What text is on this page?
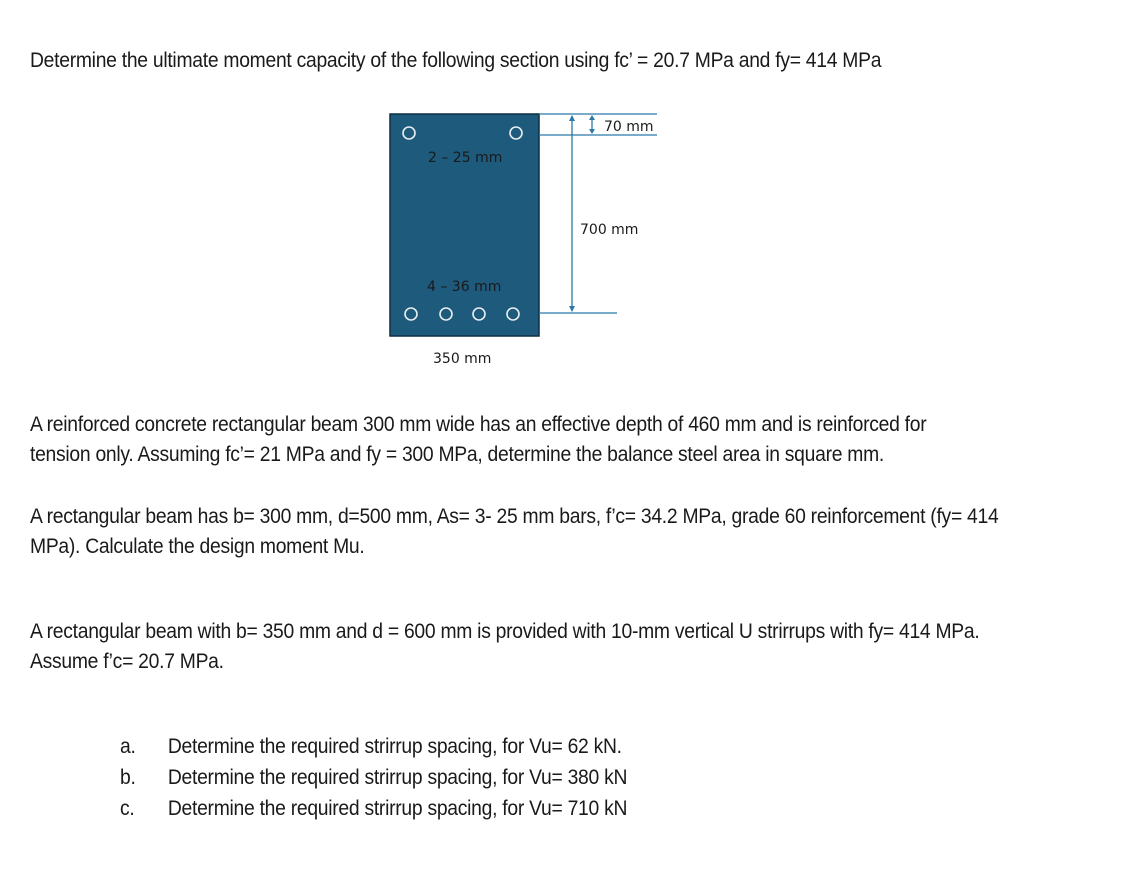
Determine the ultimate moment capacity of the following section using fc’ = 20.7 MPa and fy= 414 MPa
2 – 25 mm
4 – 36 mm
350 mm
70 mm
700 mm
A reinforced concrete rectangular beam 300 mm wide has an effective depth of 460 mm and is reinforced for
tension only. Assuming fc’= 21 MPa and fy = 300 MPa, determine the balance steel area in square mm.
A rectangular beam has b= 300 mm, d=500 mm, As= 3- 25 mm bars, f’c= 34.2 MPa, grade 60 reinforcement (fy= 414
MPa). Calculate the design moment Mu.
A rectangular beam with b= 350 mm and d = 600 mm is provided with 10-mm vertical U strirrups with fy= 414 MPa.
Assume f’c= 20.7 MPa.
a. Determine the required strirrup spacing, for Vu= 62 kN.
b. Determine the required strirrup spacing, for Vu= 380 kN
c. Determine the required strirrup spacing, for Vu= 710 kN
